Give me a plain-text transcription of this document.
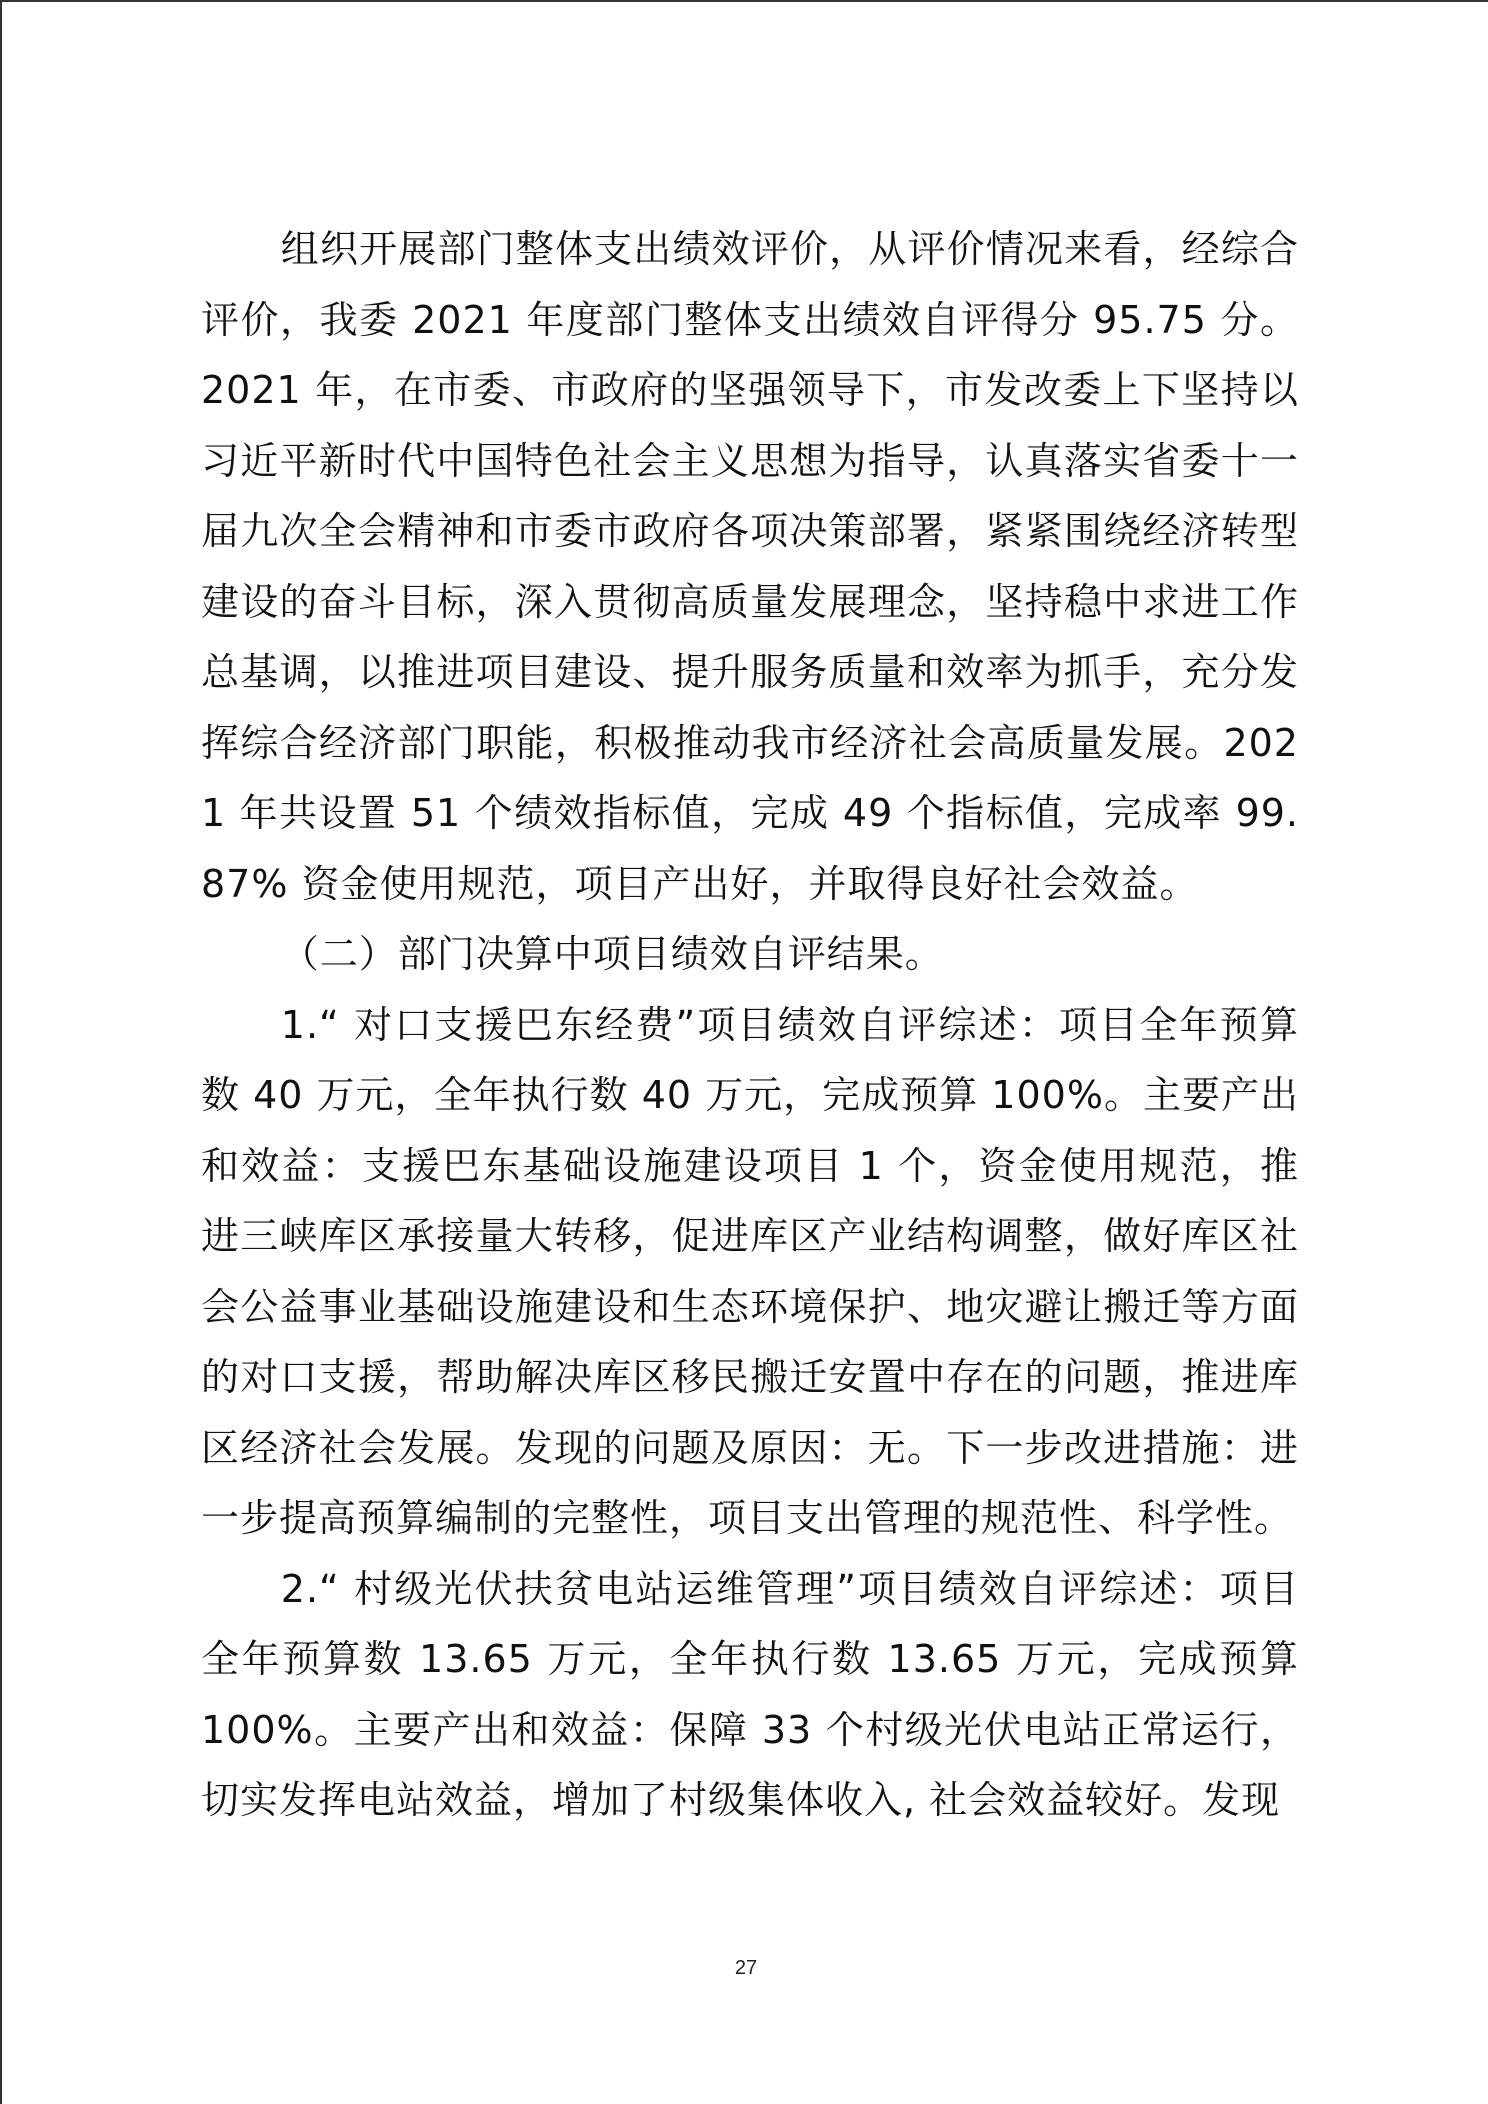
组织开展部门整体支出绩效评价，从评价情况来看，经综合评价，我委 2021 年度部门整体支出绩效自评得分 95.75 分。2021 年，在市委、市政府的坚强领导下，市发改委上下坚持以习近平新时代中国特色社会主义思想为指导，认真落实省委十一届九次全会精神和市委市政府各项决策部署，紧紧围绕经济转型建设的奋斗目标，深入贯彻高质量发展理念，坚持稳中求进工作总基调，以推进项目建设、提升服务质量和效率为抓手，充分发挥综合经济部门职能，积极推动我市经济社会高质量发展。2021 年共设置 51 个绩效指标值，完成 49 个指标值，完成率 99.87% 资金使用规范，项目产出好，并取得良好社会效益。

（二）部门决算中项目绩效自评结果。

1.“ 对口支援巴东经费”项目绩效自评综述：项目全年预算数 40 万元，全年执行数 40 万元，完成预算 100%。主要产出和效益：支援巴东基础设施建设项目 1 个，资金使用规范，推进三峡库区承接量大转移，促进库区产业结构调整，做好库区社会公益事业基础设施建设和生态环境保护、地灾避让搬迁等方面的对口支援，帮助解决库区移民搬迁安置中存在的问题，推进库区经济社会发展。发现的问题及原因：无。下一步改进措施：进一步提高预算编制的完整性，项目支出管理的规范性、科学性。

2.“ 村级光伏扶贫电站运维管理”项目绩效自评综述：项目全年预算数 13.65 万元，全年执行数 13.65 万元，完成预算 100%。主要产出和效益：保障 33 个村级光伏电站正常运行，切实发挥电站效益，增加了村级集体收入, 社会效益较好。发现

27
